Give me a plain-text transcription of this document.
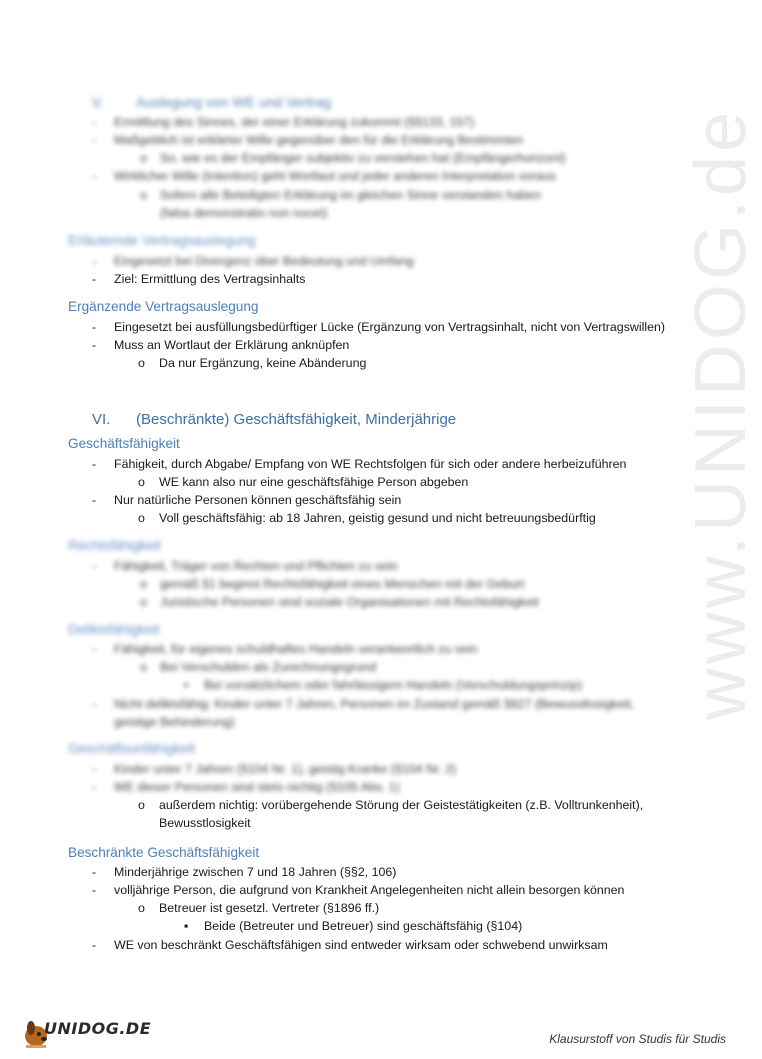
www.UNIDOG.de
V. Auslegung von WE und Vertrag
- Ermittlung des Sinnes, der einer Erklärung zukommt (§§133, 157)
- Maßgeblich ist erklärter Wille gegenüber den für die Erklärung Bestimmten
o So, wie es der Empfänger subjektiv zu verstehen hat (Empfängerhorizont)
- Wirklicher Wille (Intention) geht Wortlaut und jeder anderen Interpretation voraus
o Sofern alle Beteiligten Erklärung im gleichen Sinne verstanden haben
(falsa demonstratio non nocet)
Erläuternde Vertragsauslegung
- Eingesetzt bei Divergenz über Bedeutung und Umfang
- Ziel: Ermittlung des Vertragsinhalts
Ergänzende Vertragsauslegung
- Eingesetzt bei ausfüllungsbedürftiger Lücke (Ergänzung von Vertragsinhalt, nicht von Vertragswillen)
- Muss an Wortlaut der Erklärung anknüpfen
o Da nur Ergänzung, keine Abänderung
VI. (Beschränkte) Geschäftsfähigkeit, Minderjährige
Geschäftsfähigkeit
- Fähigkeit, durch Abgabe/ Empfang von WE Rechtsfolgen für sich oder andere herbeizuführen
o WE kann also nur eine geschäftsfähige Person abgeben
- Nur natürliche Personen können geschäftsfähig sein
o Voll geschäftsfähig: ab 18 Jahren, geistig gesund und nicht betreuungsbedürftig
Rechtsfähigkeit
- Fähigkeit, Träger von Rechten und Pflichten zu sein
o gemäß §1 beginnt Rechtsfähigkeit eines Menschen mit der Geburt
o Juristische Personen sind soziale Organisationen mit Rechtsfähigkeit
Deliktsfähigkeit
- Fähigkeit, für eigenes schuldhaftes Handeln verantwortlich zu sein
o Bei Verschulden als Zurechnungsgrund
▪ Bei vorsätzlichem oder fahrlässigem Handeln (Verschuldungsprinzip)
- Nicht deliktsfähig: Kinder unter 7 Jahren, Personen im Zustand gemäß §827 (Bewusstlosigkeit,
geistige Behinderung)
Geschäftsunfähigkeit
- Kinder unter 7 Jahren (§104 Nr. 1), geistig Kranke (§104 Nr. 2)
- WE dieser Personen sind stets nichtig (§105 Abs. 1)
o außerdem nichtig: vorübergehende Störung der Geistestätigkeiten (z.B. Volltrunkenheit),
Bewusstlosigkeit
Beschränkte Geschäftsfähigkeit
- Minderjährige zwischen 7 und 18 Jahren (§§2, 106)
- volljährige Person, die aufgrund von Krankheit Angelegenheiten nicht allein besorgen können
o Betreuer ist gesetzl. Vertreter (§1896 ff.)
▪ Beide (Betreuter und Betreuer) sind geschäftsfähig (§104)
- WE von beschränkt Geschäftsfähigen sind entweder wirksam oder schwebend unwirksam
UNIDOG.DE
Klausurstoff von Studis für Studis
